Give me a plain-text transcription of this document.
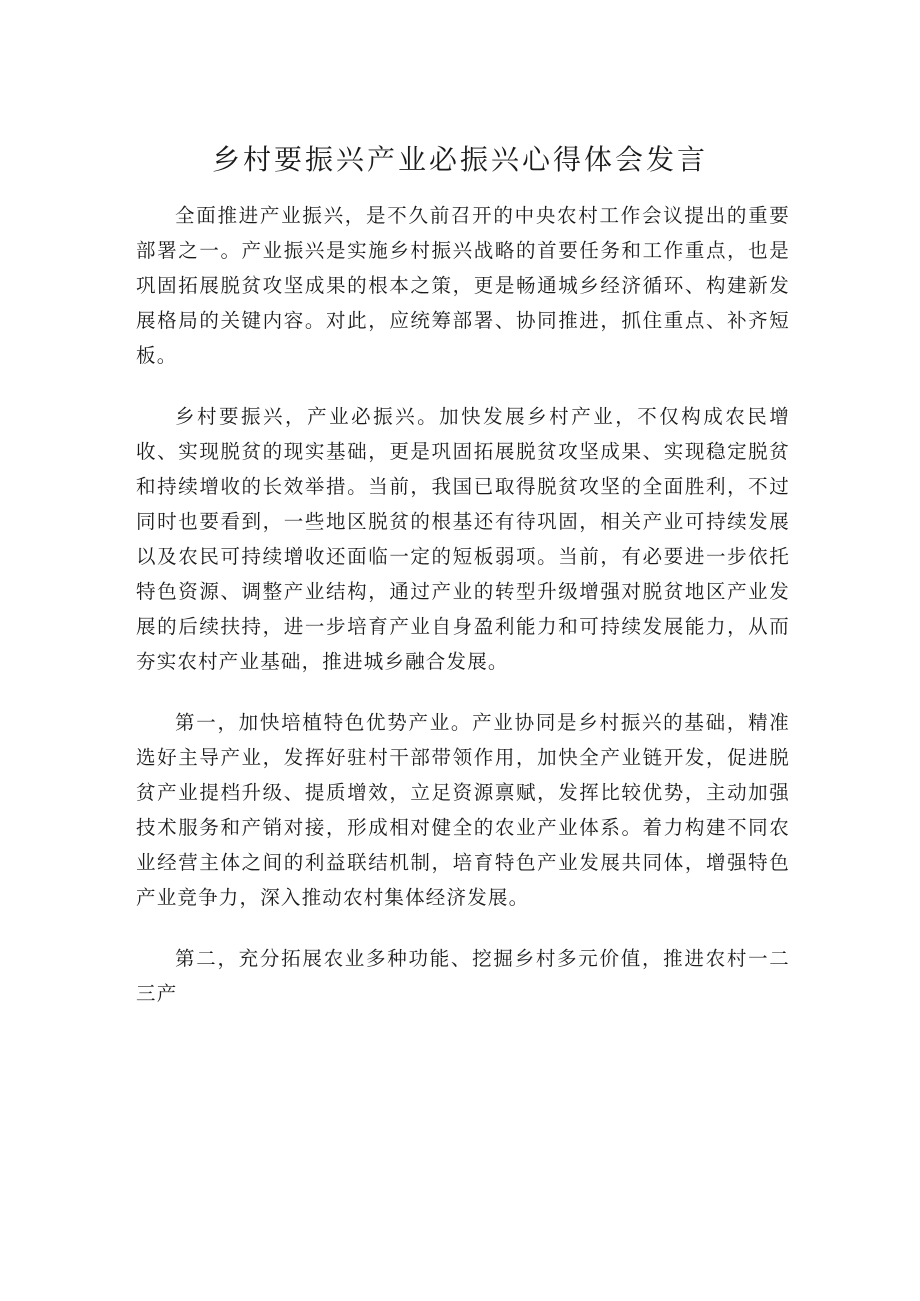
乡村要振兴产业必振兴心得体会发言

全面推进产业振兴，是不久前召开的中央农村工作会议提出的重要部署之一。产业振兴是实施乡村振兴战略的首要任务和工作重点，也是巩固拓展脱贫攻坚成果的根本之策，更是畅通城乡经济循环、构建新发展格局的关键内容。对此，应统筹部署、协同推进，抓住重点、补齐短板。

乡村要振兴，产业必振兴。加快发展乡村产业，不仅构成农民增收、实现脱贫的现实基础，更是巩固拓展脱贫攻坚成果、实现稳定脱贫和持续增收的长效举措。当前，我国已取得脱贫攻坚的全面胜利，不过同时也要看到，一些地区脱贫的根基还有待巩固，相关产业可持续发展以及农民可持续增收还面临一定的短板弱项。当前，有必要进一步依托特色资源、调整产业结构，通过产业的转型升级增强对脱贫地区产业发展的后续扶持，进一步培育产业自身盈利能力和可持续发展能力，从而夯实农村产业基础，推进城乡融合发展。

第一，加快培植特色优势产业。产业协同是乡村振兴的基础，精准选好主导产业，发挥好驻村干部带领作用，加快全产业链开发，促进脱贫产业提档升级、提质增效，立足资源禀赋，发挥比较优势，主动加强技术服务和产销对接，形成相对健全的农业产业体系。着力构建不同农业经营主体之间的利益联结机制，培育特色产业发展共同体，增强特色产业竞争力，深入推动农村集体经济发展。

第二，充分拓展农业多种功能、挖掘乡村多元价值，推进农村一二三产
